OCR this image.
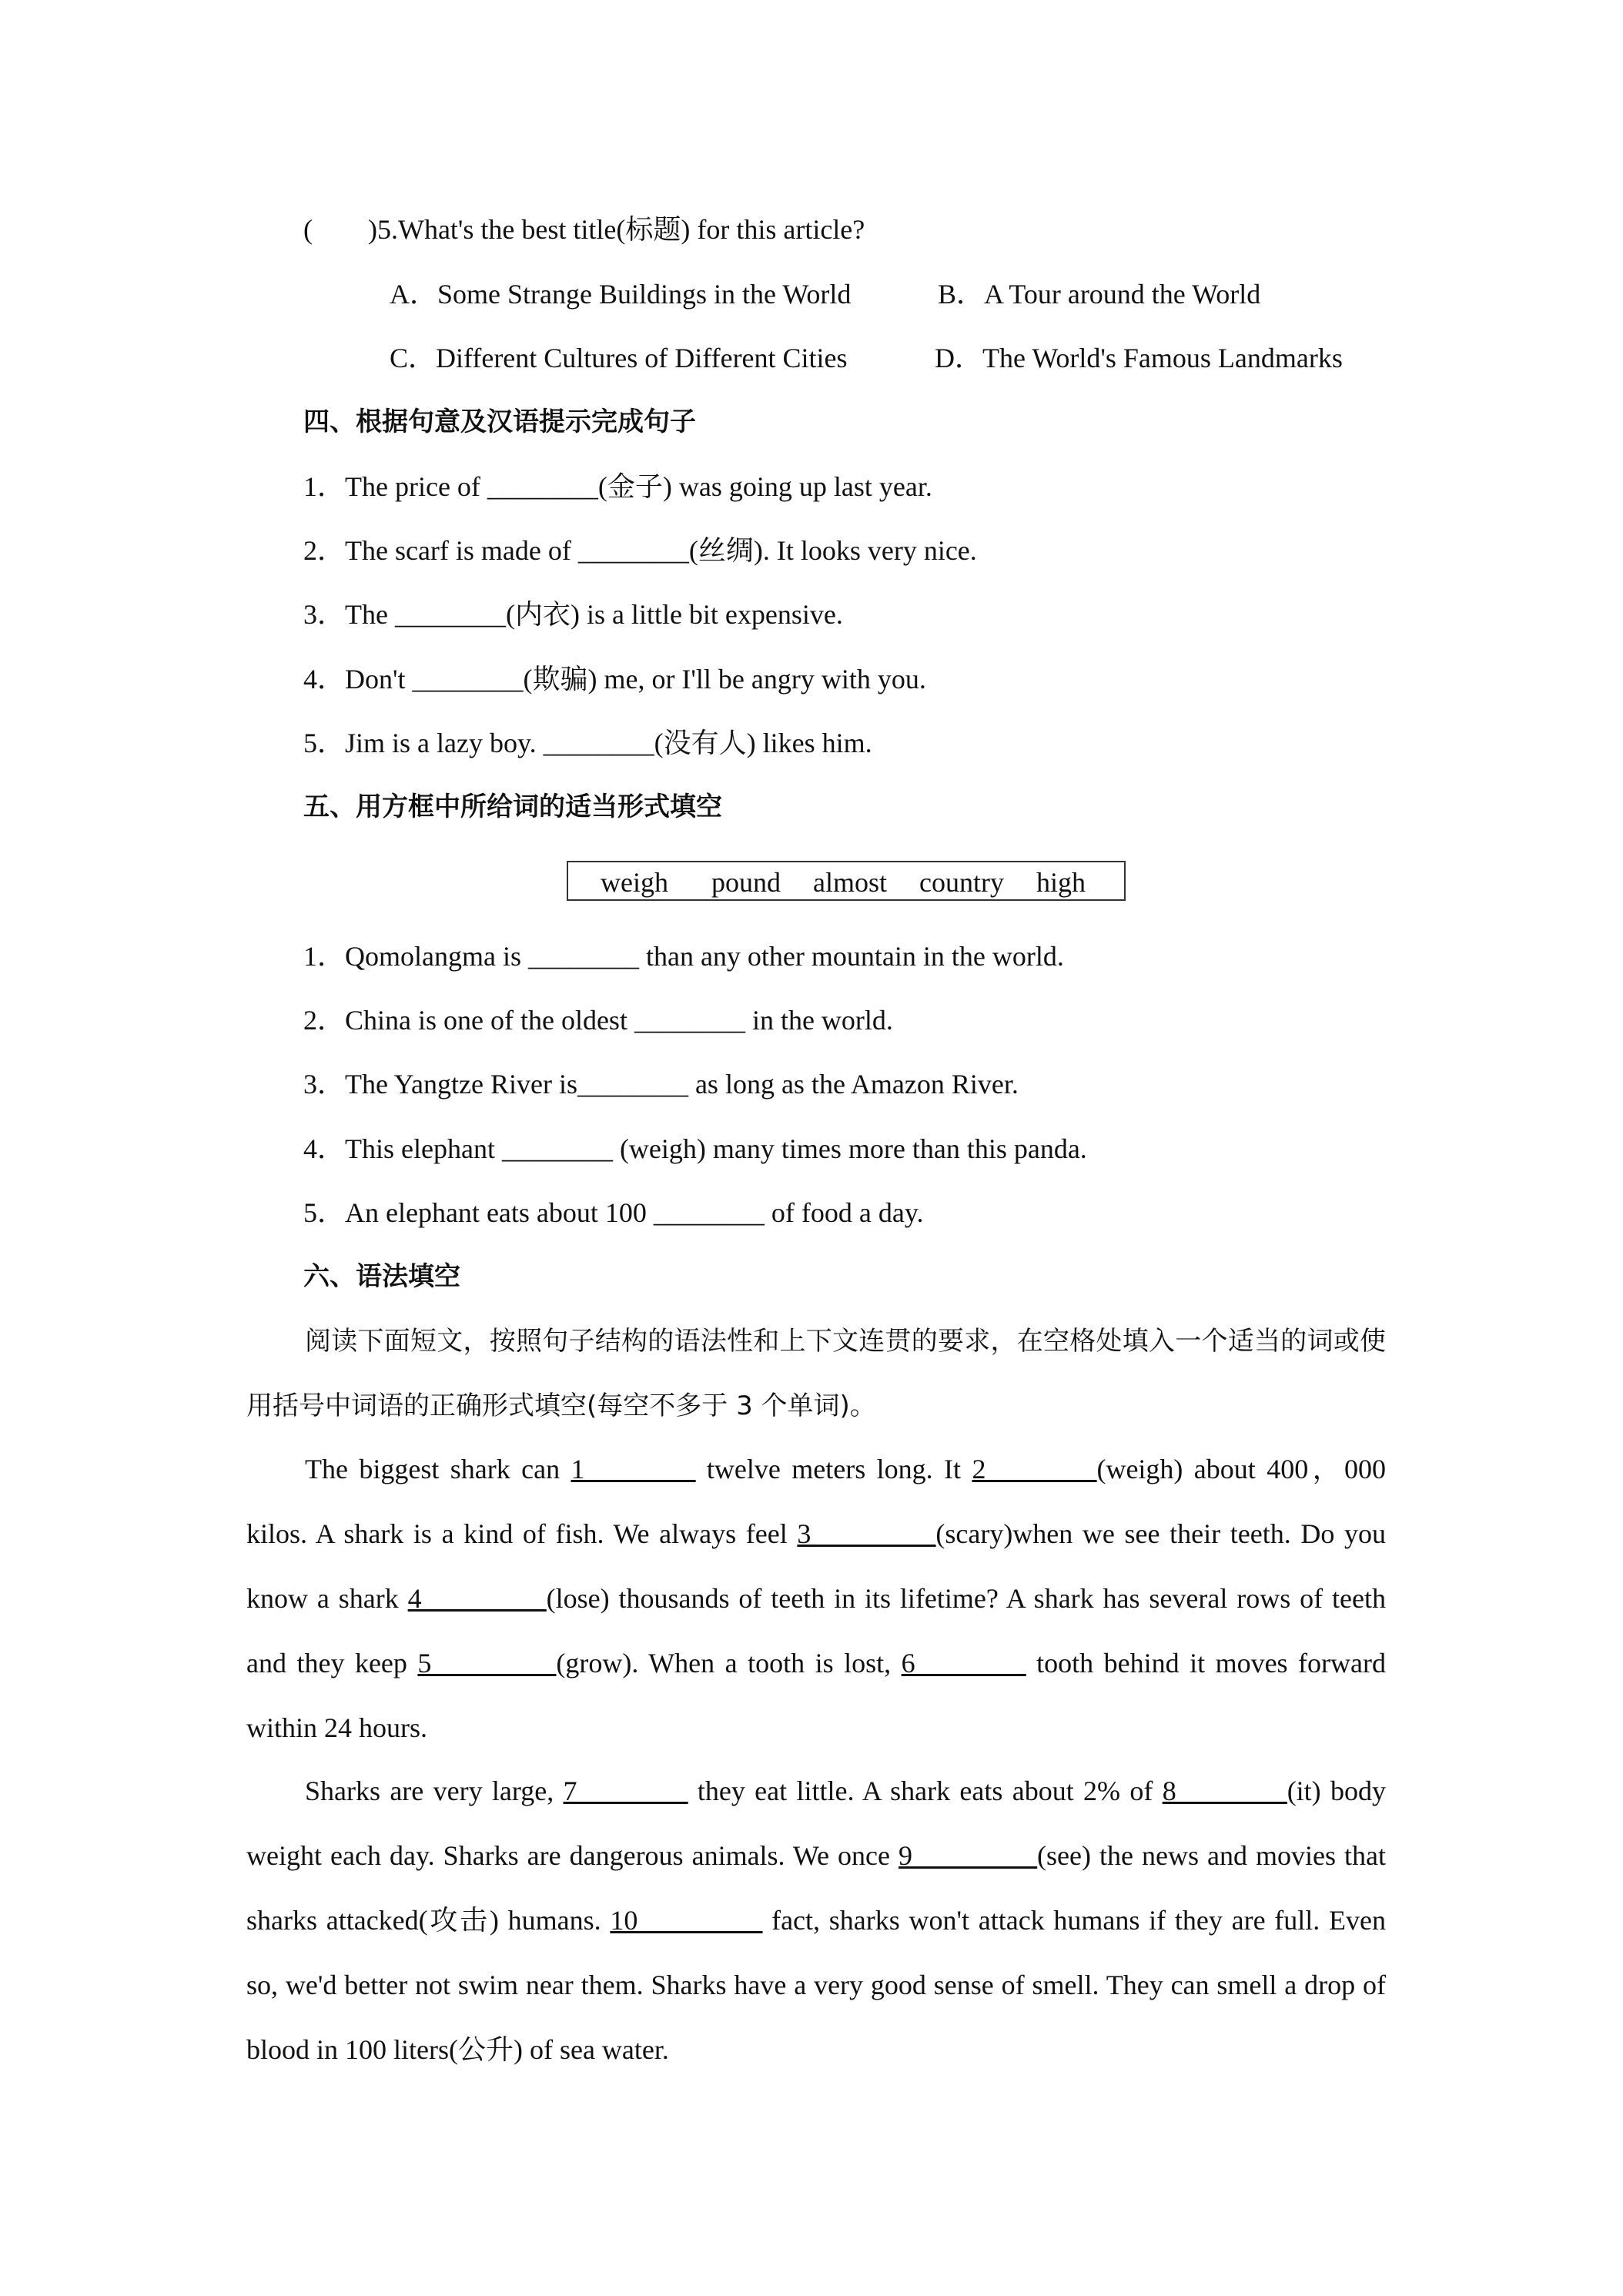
(　　)5.What's the best title(标题) for this article?
A．Some Strange Buildings in the World	B．A Tour around the World
C．Different Cultures of Different Cities	D．The World's Famous Landmarks
四、根据句意及汉语提示完成句子
1．The price of ________(金子) was going up last year.
2．The scarf is made of ________(丝绸). It looks very nice.
3．The ________(内衣) is a little bit expensive.
4．Don't ________(欺骗) me, or I'll be angry with you.
5．Jim is a lazy boy. ________(没有人) likes him.
五、用方框中所给词的适当形式填空
weigh pound almost country high
1．Qomolangma is ________ than any other mountain in the world.
2．China is one of the oldest ________ in the world.
3．The Yangtze River is________ as long as the Amazon River.
4．This elephant ________ (weigh) many times more than this panda.
5．An elephant eats about 100 ________ of food a day.
六、语法填空

阅读下面短文，按照句子结构的语法性和上下文连贯的要求，在空格处填入一个适当的词或使用括号中词语的正确形式填空(每空不多于 3 个单词)。

The biggest shark can 1________ twelve meters long. It 2________(weigh) about 400，000 kilos. A shark is a kind of fish. We always feel 3_________(scary)when we see their teeth. Do you know a shark 4_________(lose) thousands of teeth in its lifetime? A shark has several rows of teeth and they keep 5_________(grow). When a tooth is lost, 6________ tooth behind it moves forward within 24 hours.

Sharks are very large, 7________ they eat little. A shark eats about 2% of 8________(it) body weight each day. Sharks are dangerous animals. We once 9_________(see) the news and movies that sharks attacked(攻击) humans. 10_________ fact, sharks won't attack humans if they are full. Even so, we'd better not swim near them. Sharks have a very good sense of smell. They can smell a drop of blood in 100 liters(公升) of sea water.
